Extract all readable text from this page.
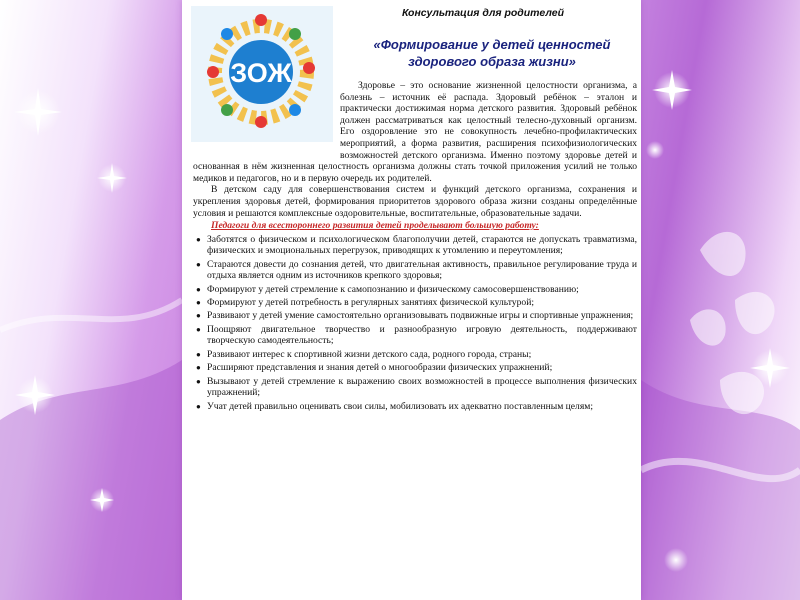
ЗОЖ
Консультация для родителей
«Формирование у детей ценностей здорового образа жизни»

Здоровье – это основание жизненной целостности организма, а болезнь – источник её распада. Здоровый ребёнок – эталон и практически достижимая норма детского развития. Здоровый ребёнок должен рассматриваться как целостный телесно-духовный организм. Его оздоровление это не совокупность лечебно-профилактических мероприятий, а форма развития, расширения психофизиологических возможностей детского организма. Именно поэтому здоровье детей и основанная в нём жизненная целостность организма должны стать точкой приложения усилий не только медиков и педагогов, но и в первую очередь их родителей.

В детском саду для совершенствования систем и функций детского организма, сохранения и укрепления здоровья детей, формирования приоритетов здорового образа жизни созданы определённые условия и решаются комплексные оздоровительные, воспитательные, образовательные задачи.

Педагоги для всестороннего развития детей проделывают большую работу:

● Заботятся о физическом и психологическом благополучии детей, стараются не допускать травматизма, физических и эмоциональных перегрузок, приводящих к утомлению и переутомления;
● Стараются довести до сознания детей, что двигательная активность, правильное регулирование труда и отдыха является одним из источников крепкого здоровья;
● Формируют у детей стремление к самопознанию и физическому самосовершенствованию;
● Формируют у детей потребность в регулярных занятиях физической культурой;
● Развивают у детей умение самостоятельно организовывать подвижные игры и спортивные упражнения;
● Поощряют двигательное творчество и разнообразную игровую деятельность, поддерживают творческую самодеятельность;
● Развивают интерес к спортивной жизни детского сада, родного города, страны;
● Расширяют представления и знания детей о многообразии физических упражнений;
● Вызывают у детей стремление к выражению своих возможностей в процессе выполнения физических упражнений;
● Учат детей правильно оценивать свои силы, мобилизовать их адекватно поставленным целям;
